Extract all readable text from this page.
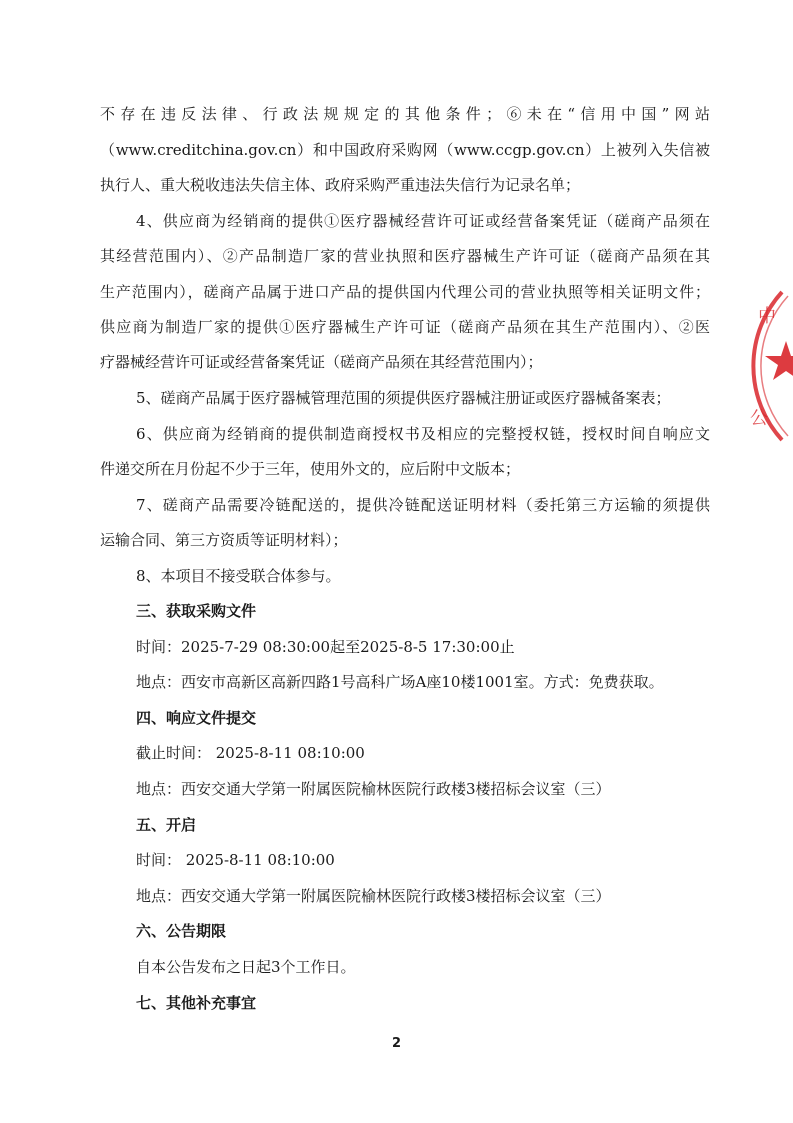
不存在违反法律、行政法规规定的其他条件；⑥未在“信用中国”网站
（www.creditchina.gov.cn）和中国政府采购网（www.ccgp.gov.cn）上被列入失信被
执行人、重大税收违法失信主体、政府采购严重违法失信行为记录名单；
4、供应商为经销商的提供①医疗器械经营许可证或经营备案凭证（磋商产品须在
其经营范围内）、②产品制造厂家的营业执照和医疗器械生产许可证（磋商产品须在其
生产范围内），磋商产品属于进口产品的提供国内代理公司的营业执照等相关证明文件；
供应商为制造厂家的提供①医疗器械生产许可证（磋商产品须在其生产范围内）、②医
疗器械经营许可证或经营备案凭证（磋商产品须在其经营范围内）；
5、磋商产品属于医疗器械管理范围的须提供医疗器械注册证或医疗器械备案表；
6、供应商为经销商的提供制造商授权书及相应的完整授权链，授权时间自响应文
件递交所在月份起不少于三年，使用外文的，应后附中文版本；
7、磋商产品需要冷链配送的，提供冷链配送证明材料（委托第三方运输的须提供
运输合同、第三方资质等证明材料）；
8、本项目不接受联合体参与。
三、获取采购文件
时间：2025-7-29 08:30:00起至2025-8-5 17:30:00止
地点：西安市高新区高新四路1号高科广场A座10楼1001室。方式：免费获取。
四、响应文件提交
截止时间： 2025-8-11 08:10:00
地点：西安交通大学第一附属医院榆林医院行政楼3楼招标会议室（三）
五、开启
时间： 2025-8-11 08:10:00
地点：西安交通大学第一附属医院榆林医院行政楼3楼招标会议室（三）
六、公告期限
自本公告发布之日起3个工作日。
七、其他补充事宜
2
中
公
